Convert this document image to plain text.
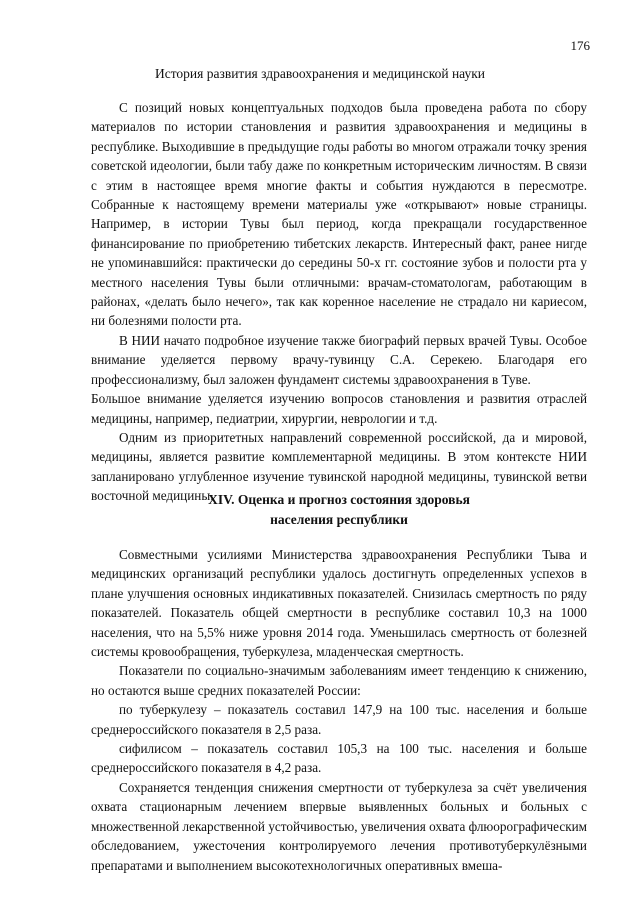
176
История развития здравоохранения и медицинской науки

С позиций новых концептуальных подходов была проведена работа по сбору материалов по истории становления и развития здравоохранения и медицины в республике. Выходившие в предыдущие годы работы во многом отражали точку зрения советской идеологии, были табу даже по конкретным историческим личностям. В связи с этим в настоящее время многие факты и события нуждаются в пересмотре. Собранные к настоящему времени материалы уже «открывают» новые страницы. Например, в истории Тувы был период, когда прекращали государственное финансирование по приобретению тибетских лекарств. Интересный факт, ранее нигде не упоминавшийся: практически до середины 50-х гг. состояние зубов и полости рта у местного населения Тувы были отличными: врачам-стоматологам, работающим в районах, «делать было нечего», так как коренное население не страдало ни кариесом, ни болезнями полости рта.

В НИИ начато подробное изучение также биографий первых врачей Тувы. Особое внимание уделяется первому врачу-тувинцу С.А. Серекею. Благодаря его профессионализму, был заложен фундамент системы здравоохранения в Туве.

Большое внимание уделяется изучению вопросов становления и развития отраслей медицины, например, педиатрии, хирургии, неврологии и т.д.

Одним из приоритетных направлений современной российской, да и мировой, медицины, является развитие комплементарной медицины. В этом контексте НИИ запланировано углубленное изучение тувинской народной медицины, тувинской ветви восточной медицины.

XIV. Оценка и прогноз состояния здоровья
населения республики

Совместными усилиями Министерства здравоохранения Республики Тыва и медицинских организаций республики удалось достигнуть определенных успехов в плане улучшения основных индикативных показателей. Снизилась смертность по ряду показателей. Показатель общей смертности в республике составил 10,3 на 1000 населения, что на 5,5% ниже уровня 2014 года. Уменьшилась смертность от болезней системы кровообращения, туберкулеза, младенческая смертность.

Показатели по социально-значимым заболеваниям имеет тенденцию к снижению, но остаются выше средних показателей России:

по туберкулезу – показатель составил 147,9 на 100 тыс. населения и больше среднероссийского показателя в 2,5 раза.

сифилисом – показатель составил 105,3 на 100 тыс. населения и больше среднероссийского показателя в 4,2 раза.

Сохраняется тенденция снижения смертности от туберкулеза за счёт увеличения охвата стационарным лечением впервые выявленных больных и больных с множественной лекарственной устойчивостью, увеличения охвата флюорографическим обследованием, ужесточения контролируемого лечения противотуберкулёзными препаратами и выполнением высокотехнологичных оперативных вмеша-
